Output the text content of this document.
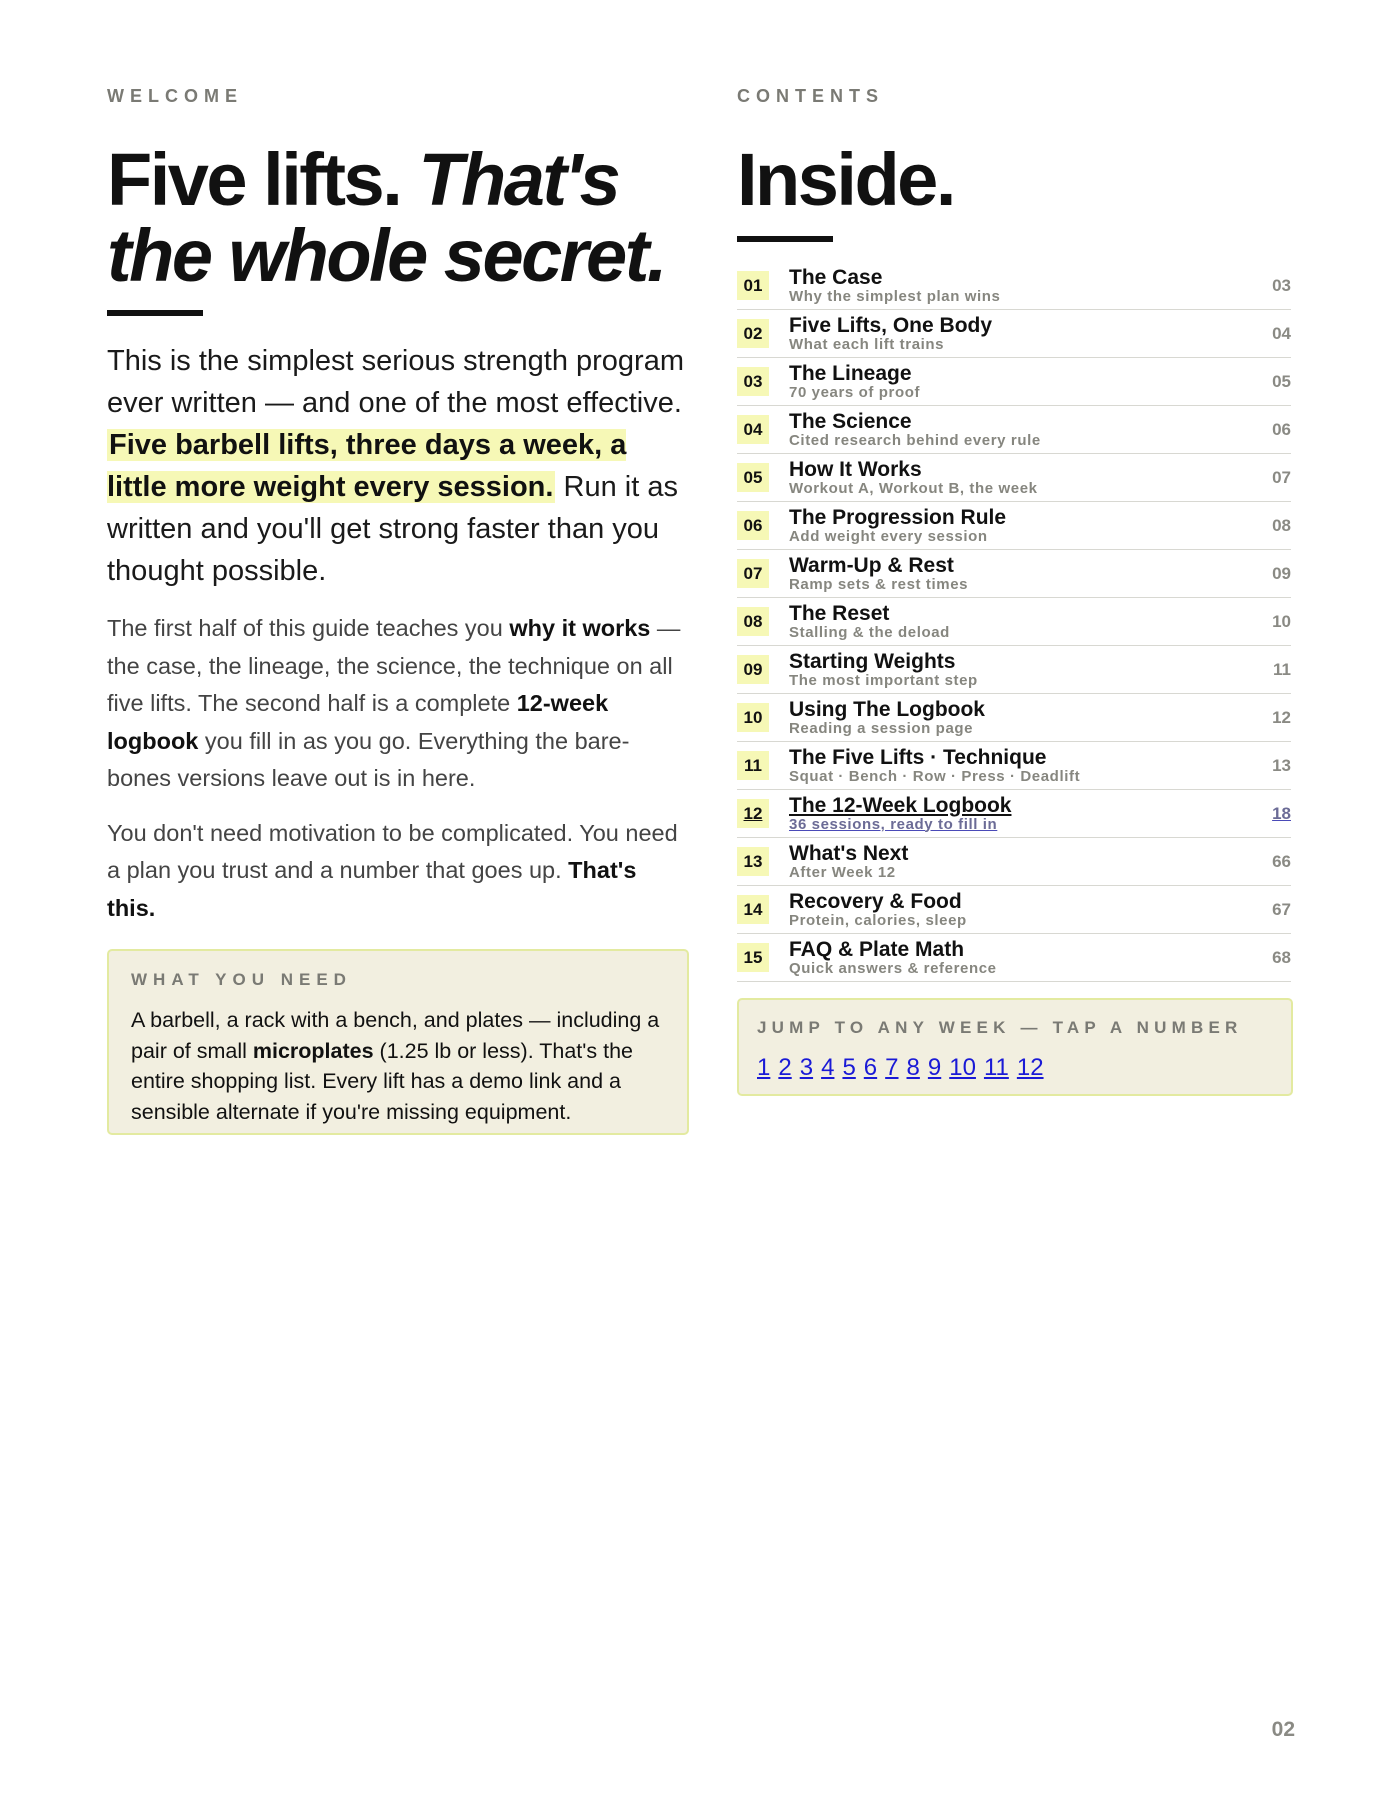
WELCOME
Five lifts. That's
the whole secret.

This is the simplest serious strength program ever written — and one of the most effective. Five barbell lifts, three days a week, a little more weight every session. Run it as written and you'll get strong faster than you thought possible.

The first half of this guide teaches you why it works — the case, the lineage, the science, the technique on all five lifts. The second half is a complete 12-week logbook you fill in as you go. Everything the bare-bones versions leave out is in here.

You don't need motivation to be complicated. You need a plan you trust and a number that goes up. That's this.

WHAT YOU NEED

A barbell, a rack with a bench, and plates — including a pair of small microplates (1.25 lb or less). That's the entire shopping list. Every lift has a demo link and a sensible alternate if you're missing equipment.

CONTENTS
Inside.
01 The Case
Why the simplest plan wins
03
02 Five Lifts, One Body
What each lift trains
04
03 The Lineage
70 years of proof
05
04 The Science
Cited research behind every rule
06
05 How It Works
Workout A, Workout B, the week
07
06 The Progression Rule
Add weight every session
08
07 Warm-Up & Rest
Ramp sets & rest times
09
08 The Reset
Stalling & the deload
10
09 Starting Weights
The most important step
11
10 Using The Logbook
Reading a session page
12
11 The Five Lifts · Technique
Squat · Bench · Row · Press · Deadlift
13
12 The 12-Week Logbook
36 sessions, ready to fill in
18
13 What's Next
After Week 12
66
14 Recovery & Food
Protein, calories, sleep
67
15 FAQ & Plate Math
Quick answers & reference
68
JUMP TO ANY WEEK — TAP A NUMBER
1 2 3 4 5 6 7 8 9 10 11 12
02
